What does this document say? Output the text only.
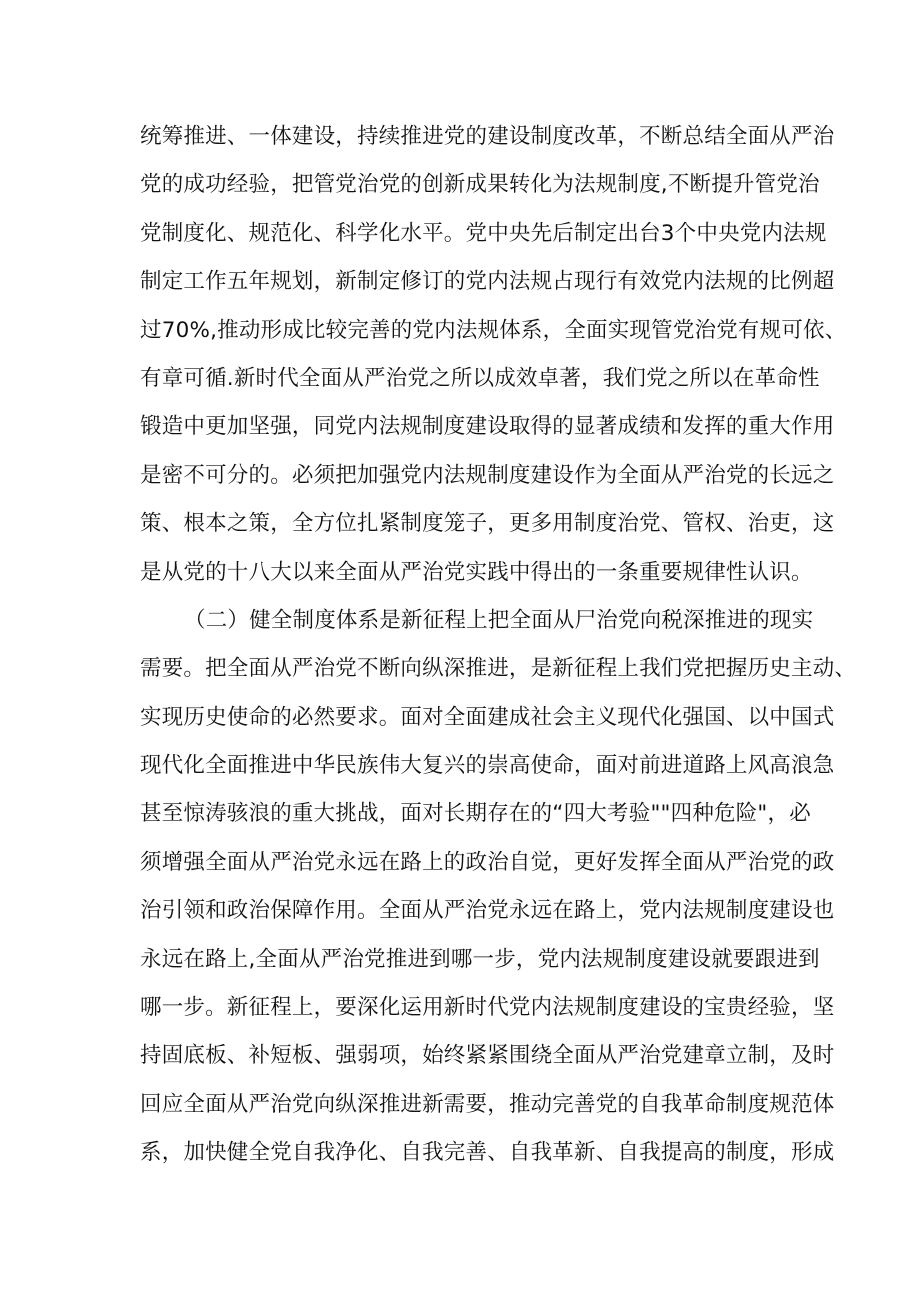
统筹推进、一体建设，持续推进党的建设制度改革，不断总结全面从严治
党的成功经验，把管党治党的创新成果转化为法规制度,不断提升管党治
党制度化、规范化、科学化水平。党中央先后制定出台3个中央党内法规
制定工作五年规划，新制定修订的党内法规占现行有效党内法规的比例超
过70%,推动形成比较完善的党内法规体系，全面实现管党治党有规可依、
有章可循.新时代全面从严治党之所以成效卓著，我们党之所以在革命性
锻造中更加坚强，同党内法规制度建设取得的显著成绩和发挥的重大作用
是密不可分的。必须把加强党内法规制度建设作为全面从严治党的长远之
策、根本之策，全方位扎紧制度笼子，更多用制度治党、管权、治吏，这
是从党的十八大以来全面从严治党实践中得出的一条重要规律性认识。
（二）健全制度体系是新征程上把全面从尸治党向税深推进的现实
需要。把全面从严治党不断向纵深推进，是新征程上我们党把握历史主动、
实现历史使命的必然要求。面对全面建成社会主义现代化强国、以中国式
现代化全面推进中华民族伟大复兴的崇高使命，面对前进道路上风高浪急
甚至惊涛骇浪的重大挑战，面对长期存在的“四大考验""四种危险"，必
须增强全面从严治党永远在路上的政治自觉，更好发挥全面从严治党的政
治引领和政治保障作用。全面从严治党永远在路上，党内法规制度建设也
永远在路上,全面从严治党推进到哪一步，党内法规制度建设就要跟进到
哪一步。新征程上，要深化运用新时代党内法规制度建设的宝贵经验，坚
持固底板、补短板、强弱项，始终紧紧围绕全面从严治党建章立制，及时
回应全面从严治党向纵深推进新需要，推动完善党的自我革命制度规范体
系，加快健全党自我净化、自我完善、自我革新、自我提高的制度，形成
